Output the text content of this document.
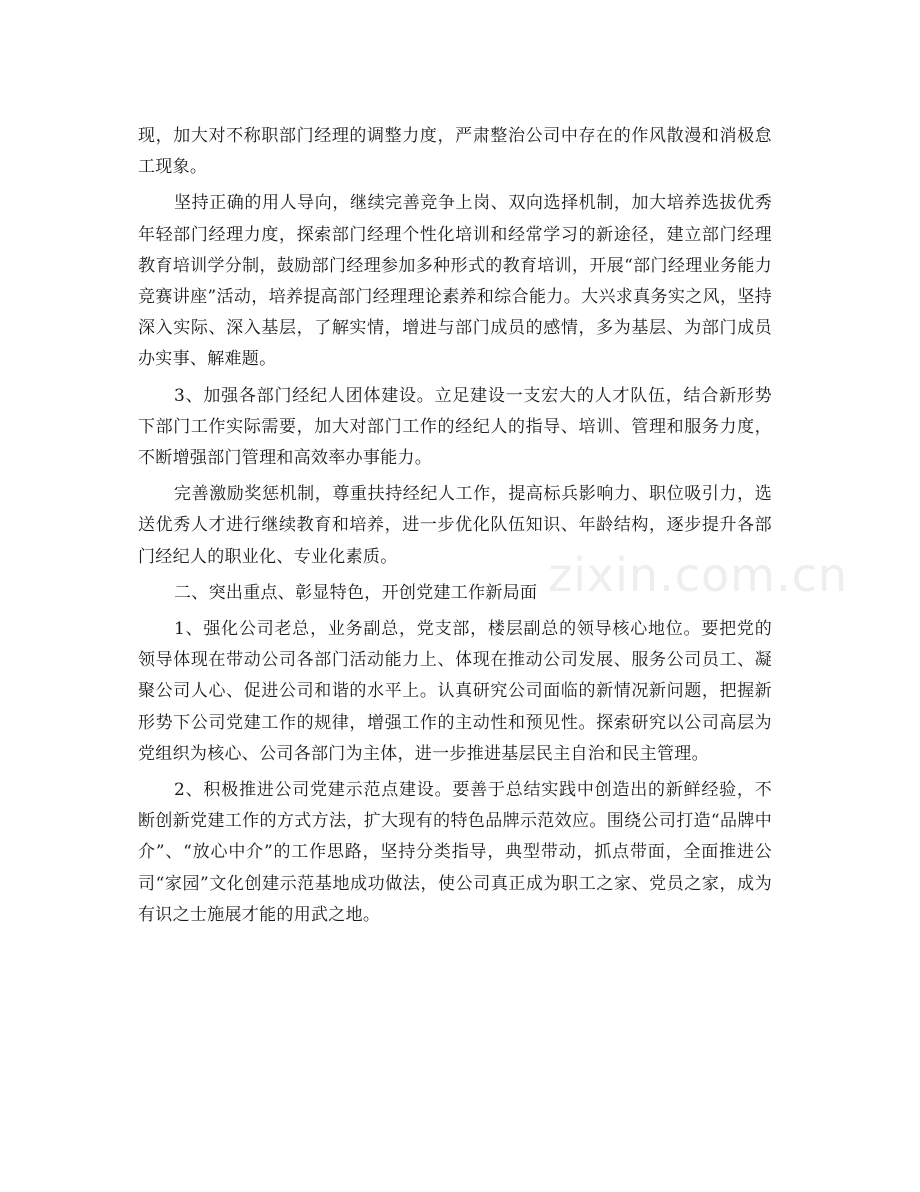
现，加大对不称职部门经理的调整力度，严肃整治公司中存在的作风散漫和消极怠工现象。

坚持正确的用人导向，继续完善竞争上岗、双向选择机制，加大培养选拔优秀年轻部门经理力度，探索部门经理个性化培训和经常学习的新途径，建立部门经理教育培训学分制，鼓励部门经理参加多种形式的教育培训，开展“部门经理业务能力竞赛讲座”活动，培养提高部门经理理论素养和综合能力。大兴求真务实之风，坚持深入实际、深入基层，了解实情，增进与部门成员的感情，多为基层、为部门成员办实事、解难题。

3、加强各部门经纪人团体建设。立足建设一支宏大的人才队伍，结合新形势下部门工作实际需要，加大对部门工作的经纪人的指导、培训、管理和服务力度，不断增强部门管理和高效率办事能力。

完善激励奖惩机制，尊重扶持经纪人工作，提高标兵影响力、职位吸引力，选送优秀人才进行继续教育和培养，进一步优化队伍知识、年龄结构，逐步提升各部门经纪人的职业化、专业化素质。

二、突出重点、彰显特色，开创党建工作新局面

1、强化公司老总，业务副总，党支部，楼层副总的领导核心地位。要把党的领导体现在带动公司各部门活动能力上、体现在推动公司发展、服务公司员工、凝聚公司人心、促进公司和谐的水平上。认真研究公司面临的新情况新问题，把握新形势下公司党建工作的规律，增强工作的主动性和预见性。探索研究以公司高层为党组织为核心、公司各部门为主体，进一步推进基层民主自治和民主管理。

2、积极推进公司党建示范点建设。要善于总结实践中创造出的新鲜经验，不断创新党建工作的方式方法，扩大现有的特色品牌示范效应。围绕公司打造“品牌中介”、“放心中介”的工作思路，坚持分类指导，典型带动，抓点带面，全面推进公司“家园”文化创建示范基地成功做法，使公司真正成为职工之家、党员之家，成为有识之士施展才能的用武之地。

zixin.com.cn
